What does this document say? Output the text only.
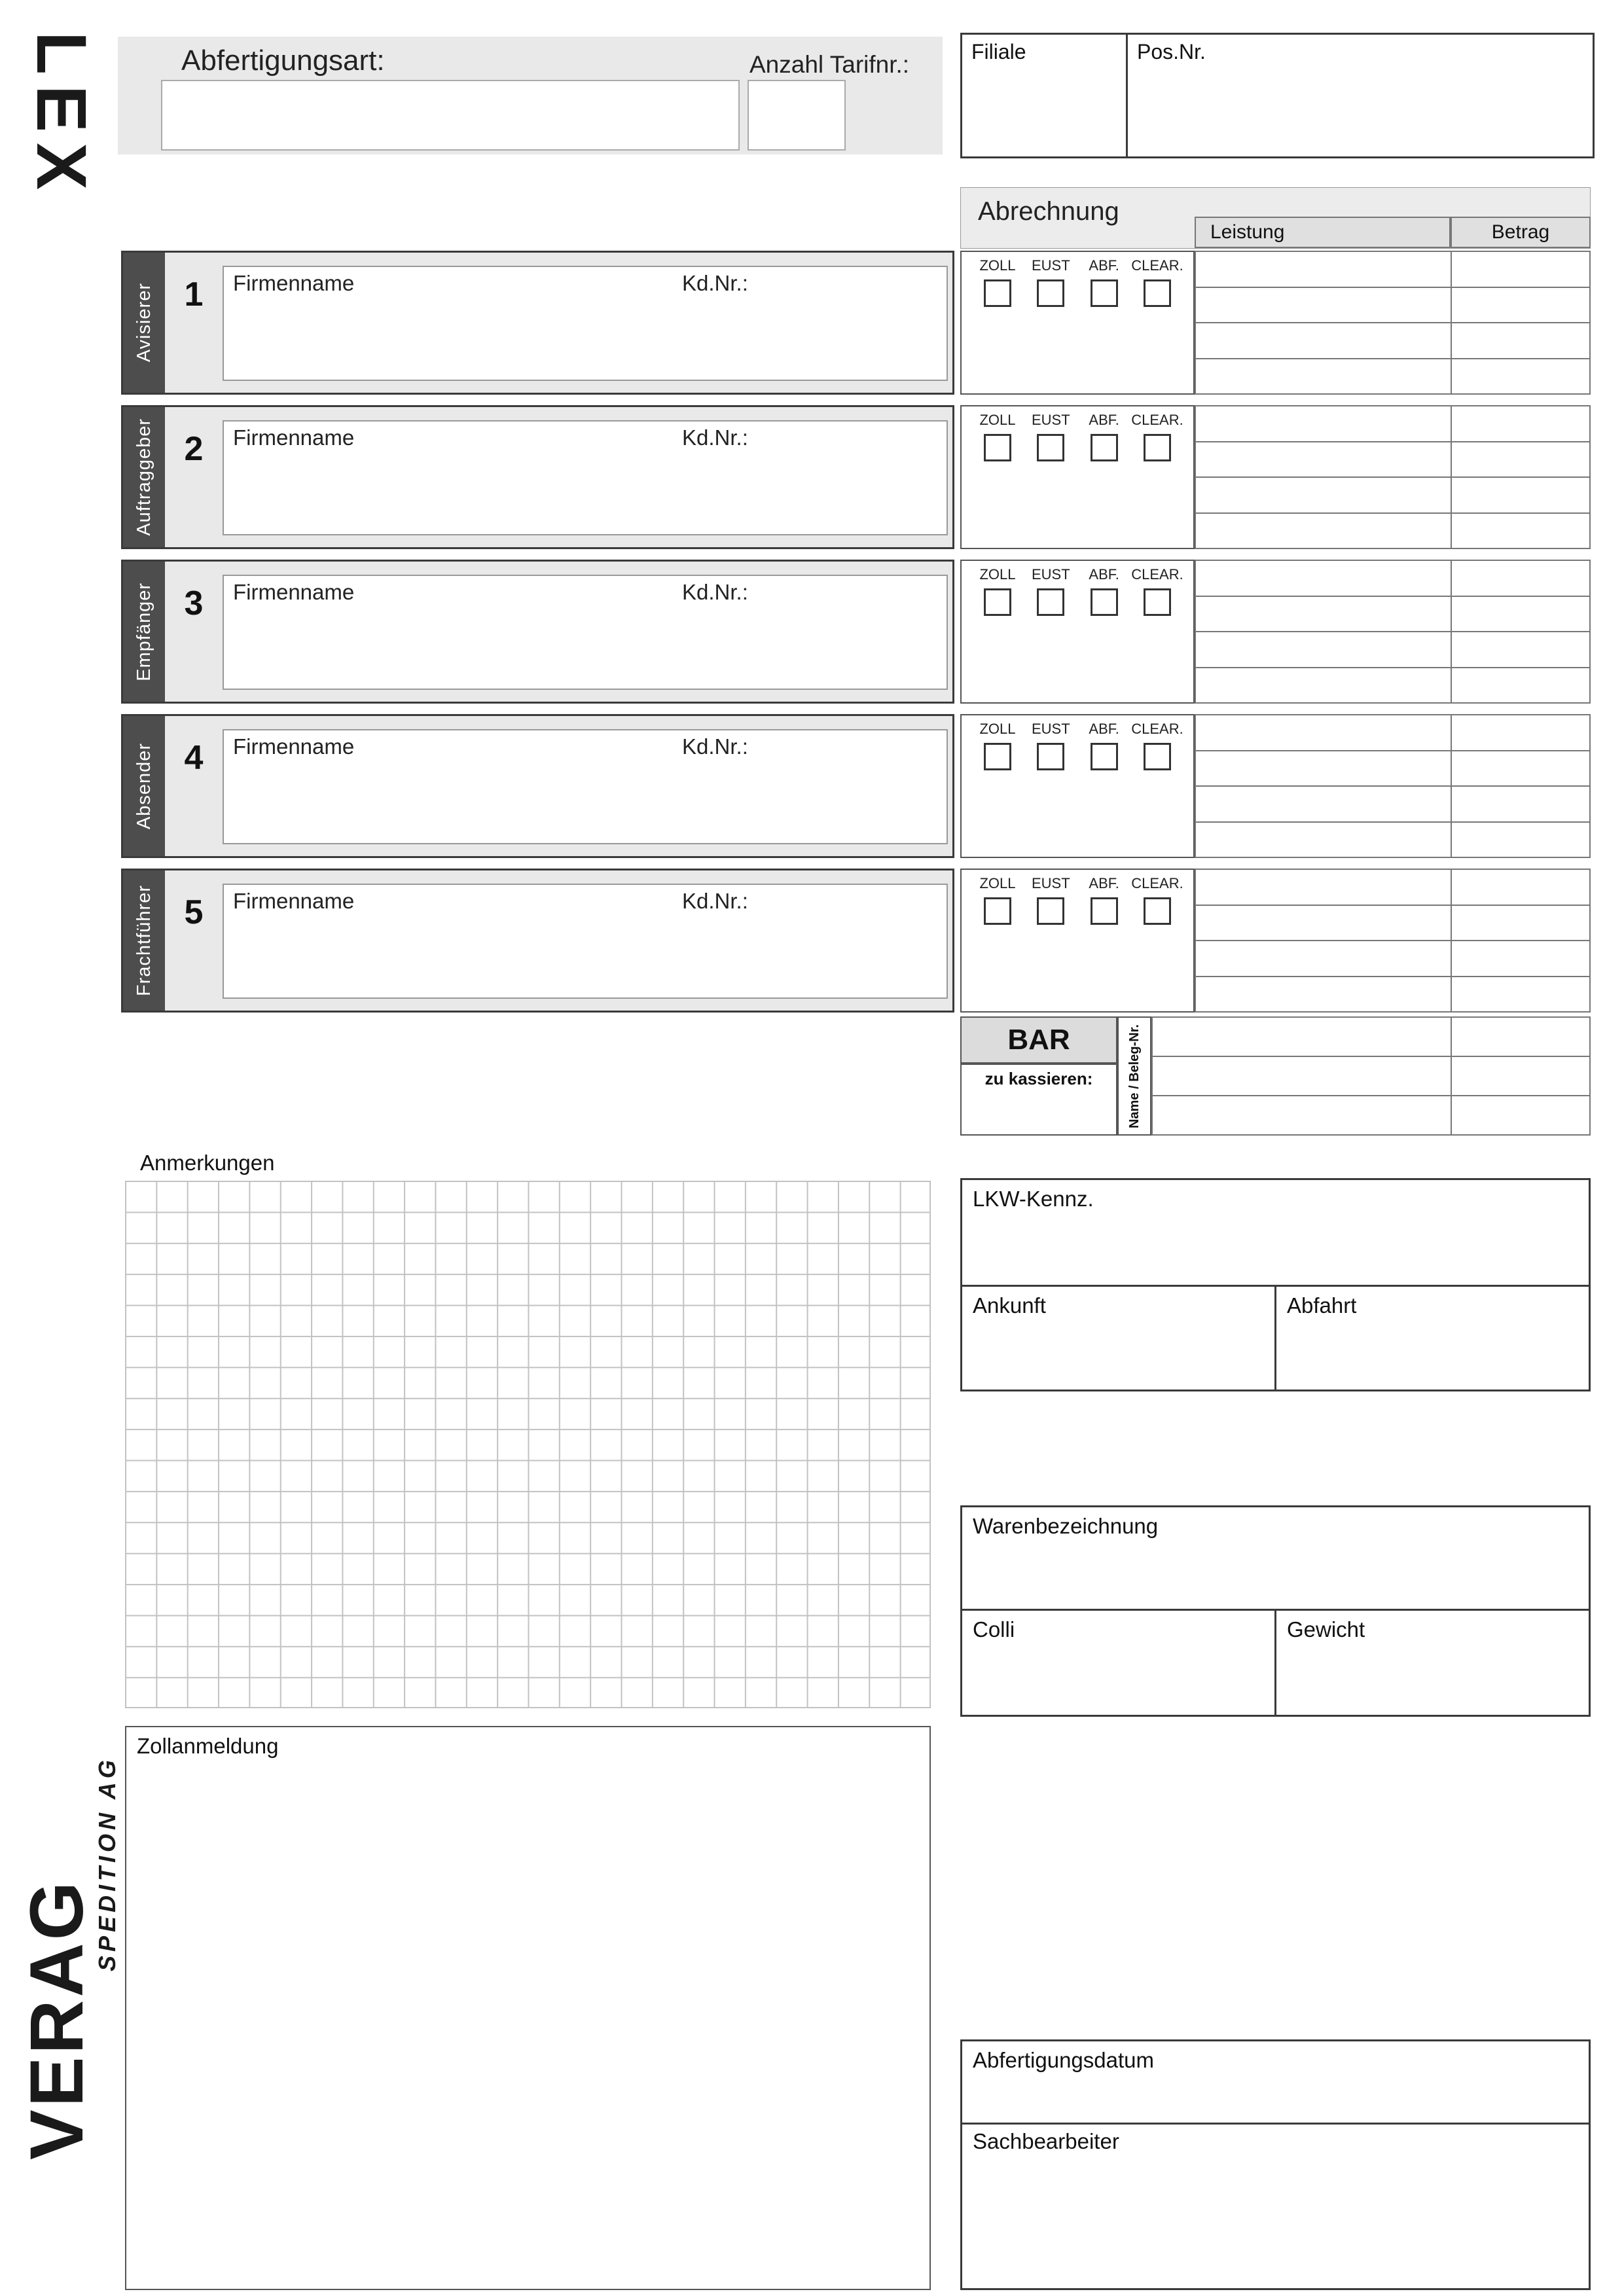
LEX
VERAG
SPEDITION AG
Abfertigungsart:	Anzahl Tarifnr.:	Filiale	Pos.Nr.
Abrechnung
Leistung	Betrag
Avisierer 1	Firmenname	Kd.Nr.:
ZOLL EUST ABF. CLEAR.
Auftraggeber 2	Firmenname	Kd.Nr.:
ZOLL EUST ABF. CLEAR.
Empfänger 3	Firmenname	Kd.Nr.:
ZOLL EUST ABF. CLEAR.
Absender 4	Firmenname	Kd.Nr.:
ZOLL EUST ABF. CLEAR.
Frachtführer 5	Firmenname	Kd.Nr.:
ZOLL EUST ABF. CLEAR.
BAR
zu kassieren:	Name / Beleg-Nr.
Anmerkungen
LKW-Kennz.
Ankunft	Abfahrt
Warenbezeichnung
Colli	Gewicht
Zollanmeldung
Abfertigungsdatum
Sachbearbeiter
